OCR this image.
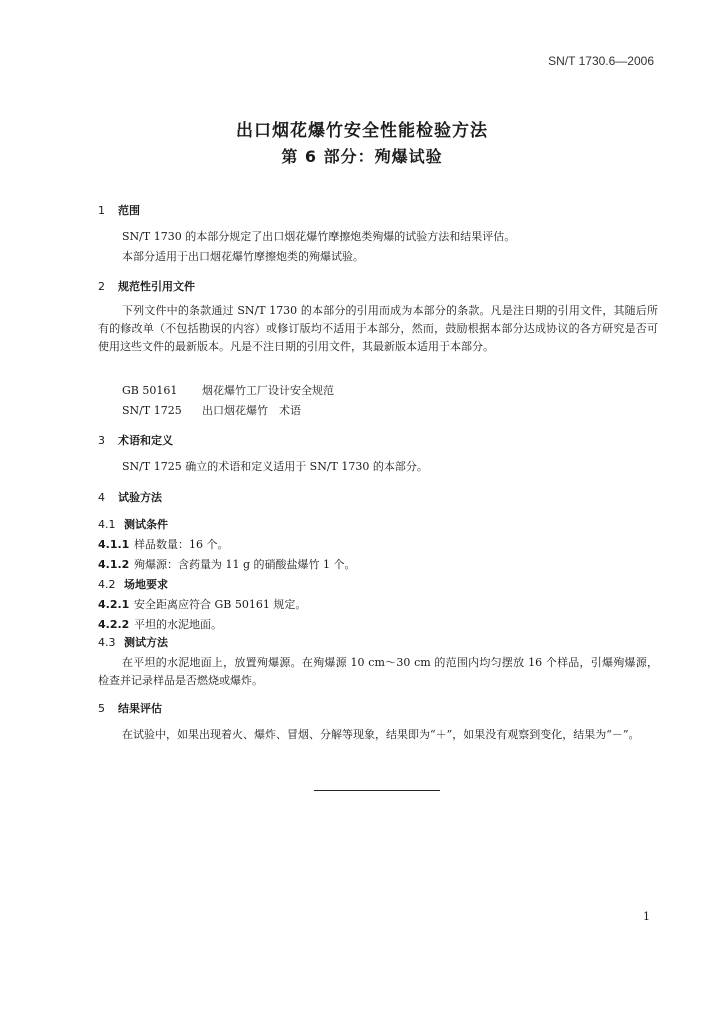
SN/T 1730.6—2006
出口烟花爆竹安全性能检验方法
第 6 部分：殉爆试验
1 范围
SN/T 1730 的本部分规定了出口烟花爆竹摩擦炮类殉爆的试验方法和结果评估。
本部分适用于出口烟花爆竹摩擦炮类的殉爆试验。
2 规范性引用文件
下列文件中的条款通过 SN/T 1730 的本部分的引用而成为本部分的条款。凡是注日期的引用文件，其随后所有的修改单（不包括勘误的内容）或修订版均不适用于本部分，然而，鼓励根据本部分达成协议的各方研究是否可使用这些文件的最新版本。凡是不注日期的引用文件，其最新版本适用于本部分。
GB 50161 烟花爆竹工厂设计安全规范
SN/T 1725 出口烟花爆竹　术语
3 术语和定义
SN/T 1725 确立的术语和定义适用于 SN/T 1730 的本部分。
4 试验方法
4.1 测试条件
4.1.1 样品数量：16 个。
4.1.2 殉爆源：含药量为 11 g 的硝酸盐爆竹 1 个。
4.2 场地要求
4.2.1 安全距离应符合 GB 50161 规定。
4.2.2 平坦的水泥地面。
4.3 测试方法
在平坦的水泥地面上，放置殉爆源。在殉爆源 10 cm～30 cm 的范围内均匀摆放 16 个样品，引爆殉爆源，检查并记录样品是否燃烧或爆炸。
5 结果评估
在试验中，如果出现着火、爆炸、冒烟、分解等现象，结果即为“＋”，如果没有观察到变化，结果为“－”。
1
